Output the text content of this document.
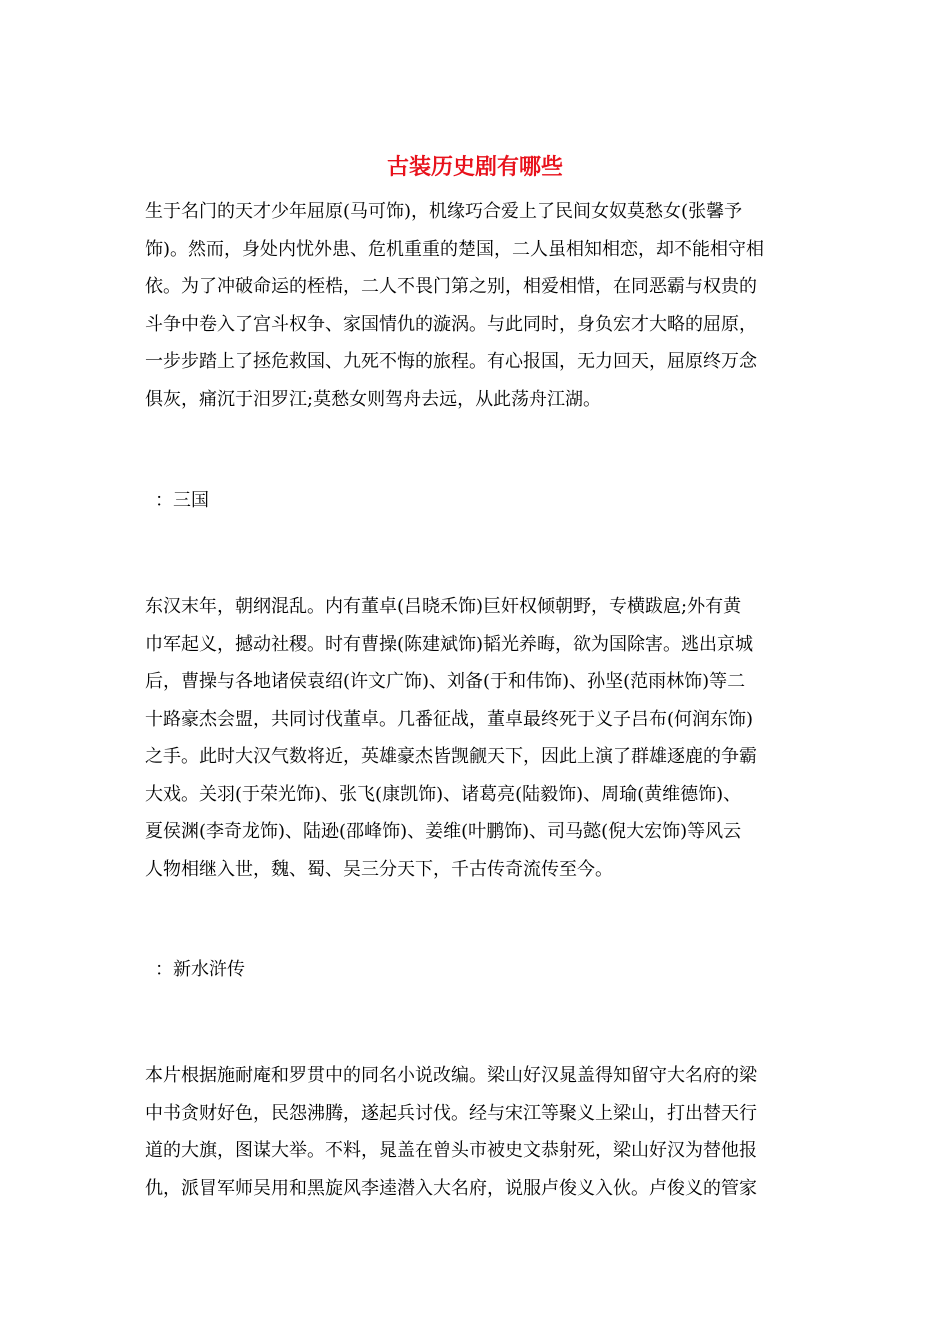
古装历史剧有哪些
生于名门的天才少年屈原(马可饰)，机缘巧合爱上了民间女奴莫愁女(张馨予
饰)。然而，身处内忧外患、危机重重的楚国，二人虽相知相恋，却不能相守相
依。为了冲破命运的桎梏，二人不畏门第之别，相爱相惜，在同恶霸与权贵的
斗争中卷入了宫斗权争、家国情仇的漩涡。与此同时，身负宏才大略的屈原，
一步步踏上了拯危救国、九死不悔的旅程。有心报国，无力回天，屈原终万念
俱灰，痛沉于汨罗江;莫愁女则驾舟去远，从此荡舟江湖。
：三国
东汉末年，朝纲混乱。内有董卓(吕晓禾饰)巨奸权倾朝野，专横跋扈;外有黄
巾军起义，撼动社稷。时有曹操(陈建斌饰)韬光养晦，欲为国除害。逃出京城
后，曹操与各地诸侯袁绍(许文广饰)、刘备(于和伟饰)、孙坚(范雨林饰)等二
十路豪杰会盟，共同讨伐董卓。几番征战，董卓最终死于义子吕布(何润东饰)
之手。此时大汉气数将近，英雄豪杰皆觊觎天下，因此上演了群雄逐鹿的争霸
大戏。关羽(于荣光饰)、张飞(康凯饰)、诸葛亮(陆毅饰)、周瑜(黄维德饰)、
夏侯渊(李奇龙饰)、陆逊(邵峰饰)、姜维(叶鹏饰)、司马懿(倪大宏饰)等风云
人物相继入世，魏、蜀、吴三分天下，千古传奇流传至今。
：新水浒传
本片根据施耐庵和罗贯中的同名小说改编。梁山好汉晁盖得知留守大名府的梁
中书贪财好色，民怨沸腾，遂起兵讨伐。经与宋江等聚义上梁山，打出替天行
道的大旗，图谋大举。不料，晁盖在曾头市被史文恭射死，梁山好汉为替他报
仇，派冒军师吴用和黑旋风李逵潜入大名府，说服卢俊义入伙。卢俊义的管家
